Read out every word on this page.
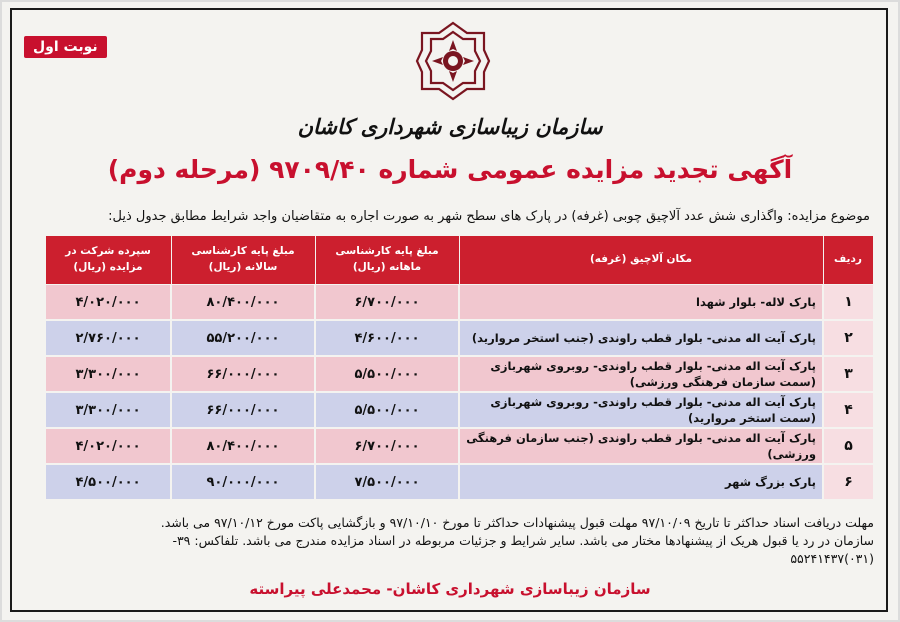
نوبت اول
سازمان زیباسازی شهرداری کاشان
آگهی تجدید مزایده عمومی شماره ۹۷۰۹/۴۰ (مرحله دوم)
موضوع مزایده: واگذاری شش عدد آلاچیق چوبی (غرفه) در پارک های سطح شهر به صورت اجاره به متقاضیان واجد شرایط مطابق جدول ذیل:
ردیف	مکان آلاچیق (غرفه)	مبلغ پایه کارشناسی ماهانه (ریال)	مبلغ پایه کارشناسی سالانه (ریال)	سپرده شرکت در مزایده (ریال)
۱	پارک لاله- بلوار شهدا	۶/۷۰۰/۰۰۰	۸۰/۴۰۰/۰۰۰	۴/۰۲۰/۰۰۰
۲	پارک آیت اله مدنی- بلوار قطب راوندی (جنب استخر مروارید)	۴/۶۰۰/۰۰۰	۵۵/۲۰۰/۰۰۰	۲/۷۶۰/۰۰۰
۳	پارک آیت اله مدنی- بلوار قطب راوندی- روبروی شهربازی (سمت سازمان فرهنگی ورزشی)	۵/۵۰۰/۰۰۰	۶۶/۰۰۰/۰۰۰	۳/۳۰۰/۰۰۰
۴	پارک آیت اله مدنی- بلوار قطب راوندی- روبروی شهربازی (سمت استخر مروارید)	۵/۵۰۰/۰۰۰	۶۶/۰۰۰/۰۰۰	۳/۳۰۰/۰۰۰
۵	پارک آیت اله مدنی- بلوار قطب راوندی (جنب سازمان فرهنگی ورزشی)	۶/۷۰۰/۰۰۰	۸۰/۴۰۰/۰۰۰	۴/۰۲۰/۰۰۰
۶	پارک بزرگ شهر	۷/۵۰۰/۰۰۰	۹۰/۰۰۰/۰۰۰	۴/۵۰۰/۰۰۰

مهلت دریافت اسناد حداکثر تا تاریخ ۹۷/۱۰/۰۹ مهلت قبول پیشنهادات حداکثر تا مورخ ۹۷/۱۰/۱۰ و بازگشایی پاکت مورخ ۹۷/۱۰/۱۲ می باشد.

سازمان در رد یا قبول هریک از پیشنهادها مختار می باشد. سایر شرایط و جزئیات مربوطه در اسناد مزایده مندرج می باشد. تلفاکس: ۳۹-

(۰۳۱)۵۵۲۴۱۴۳۷

سازمان زیباسازی شهرداری کاشان- محمدعلی پیراسته
